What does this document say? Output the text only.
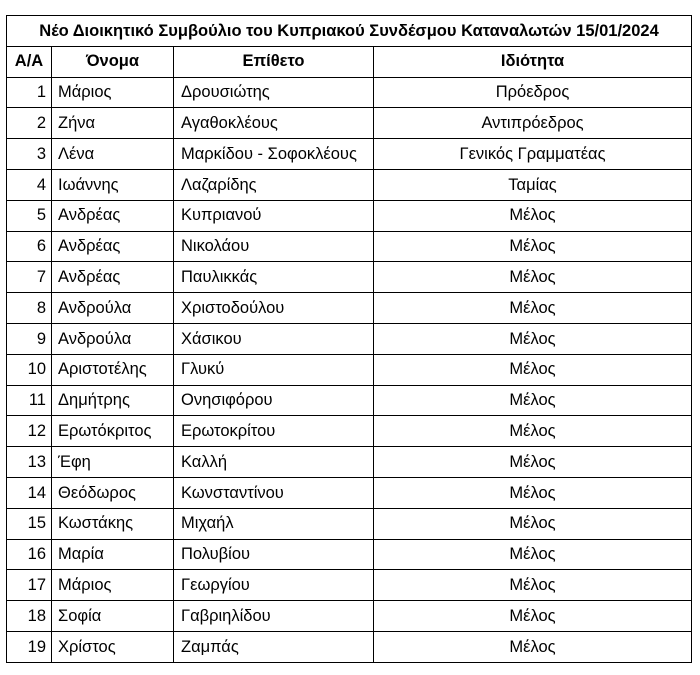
Νέο Διοικητικό Συμβούλιο του Κυπριακού Συνδέσμου Καταναλωτών 15/01/2024			
Α/Α	Όνομα	Επίθετο	Ιδιότητα
1	Μάριος	Δρουσιώτης	Πρόεδρος
2	Ζήνα	Αγαθοκλέους	Αντιπρόεδρος
3	Λένα	Μαρκίδου - Σοφοκλέους	Γενικός Γραμματέας
4	Ιωάννης	Λαζαρίδης	Ταμίας
5	Ανδρέας	Κυπριανού	Μέλος
6	Ανδρέας	Νικολάου	Μέλος
7	Ανδρέας	Παυλικκάς	Μέλος
8	Ανδρούλα	Χριστοδούλου	Μέλος
9	Ανδρούλα	Χάσικου	Μέλος
10	Αριστοτέλης	Γλυκύ	Μέλος
11	Δημήτρης	Ονησιφόρου	Μέλος
12	Ερωτόκριτος	Ερωτοκρίτου	Μέλος
13	Έφη	Καλλή	Μέλος
14	Θεόδωρος	Κωνσταντίνου	Μέλος
15	Κωστάκης	Μιχαήλ	Μέλος
16	Μαρία	Πολυβίου	Μέλος
17	Μάριος	Γεωργίου	Μέλος
18	Σοφία	Γαβριηλίδου	Μέλος
19	Χρίστος	Ζαμπάς	Μέλος
